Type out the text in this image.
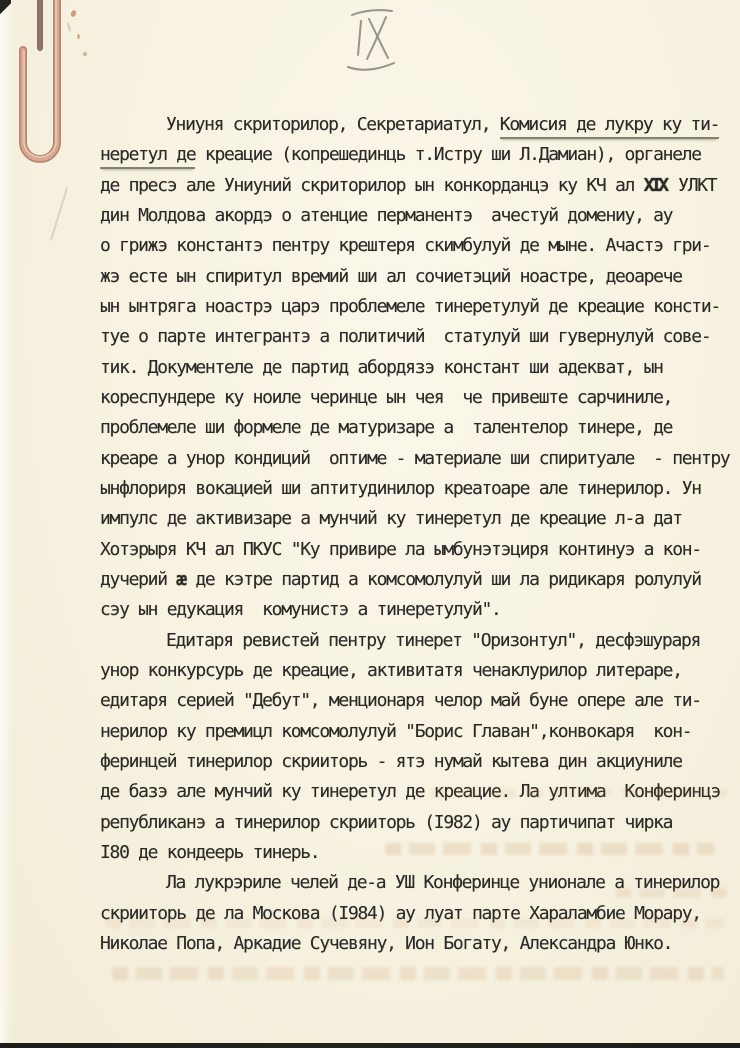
Униуня скриторилор, Секретариатул, Комисия де лукру ку ти-
неретул де креацие (копрешединць т.Истру ши Л.Дамиан), органеле
де пресэ але Униуний скриторилор ын конкорданцэ ку КЧ ал XIX УЛКТ
дин Молдова акордэ о атенцие перманентэ  ачестуй домениу, ау
о грижэ константэ пентру крештеря скимбулуй де мыне. Ачастэ гри-
жэ есте ын спиритул времий ши ал сочиетэций ноастре, деоарече
ын ынтряга ноастрэ царэ проблемеле тинеретулуй де креацие консти-
туе о парте интегрантэ а политичий  статулуй ши гувернулуй сове-
тик. Документеле де партид абордязэ констант ши адекват, ын
кореспундере ку ноиле черинце ын чея  че привеште сарчиниле,
проблемеле ши формеле де матуризаре а  талентелор тинере, де
креаре а унор кондиций  оптиме - материале ши спиритуале  - пентру
ынфлориря вокацией ши аптитудинилор креатоаре але тинерилор. Ун
импулс де активизаре а мунчий ку тинеретул де креацие л-а дат
Хотэрыря КЧ ал ПКУС "Ку привире ла ымбунэтэциря континуэ а кон-
дучерий ӕ де кэтре партид а комсомолулуй ши ла ридикаря ролулуй
сэу ын едукация  комунистэ а тинеретулуй".
Едитаря ревистей пентру тинерет "Оризонтул", десфэшураря
унор конкурсурь де креацие, активитатя ченаклурилор литераре,
едитаря серией "Дебут", менционаря челор май буне опере але ти-
нерилор ку премицл комсомолулуй "Борис Главан",конвокаря  кон-
феринцей тинерилор скрииторь - ятэ нумай кытева дин акциуниле
де базэ але мунчий ку тинеретул де креацие. Ла ултима  Конферинцэ
републиканэ а тинерилор скрииторь (I982) ау партичипат чирка
I80 де кондеерь тинерь.
Ла лукрэриле челей де-а УШ Конферинце унионале а тинерилор
скрииторь де ла Москова (I984) ау луат парте Хараламбие Морару,
Николае Попа, Аркадие Сучевяну, Ион Богату, Александра Юнко.
